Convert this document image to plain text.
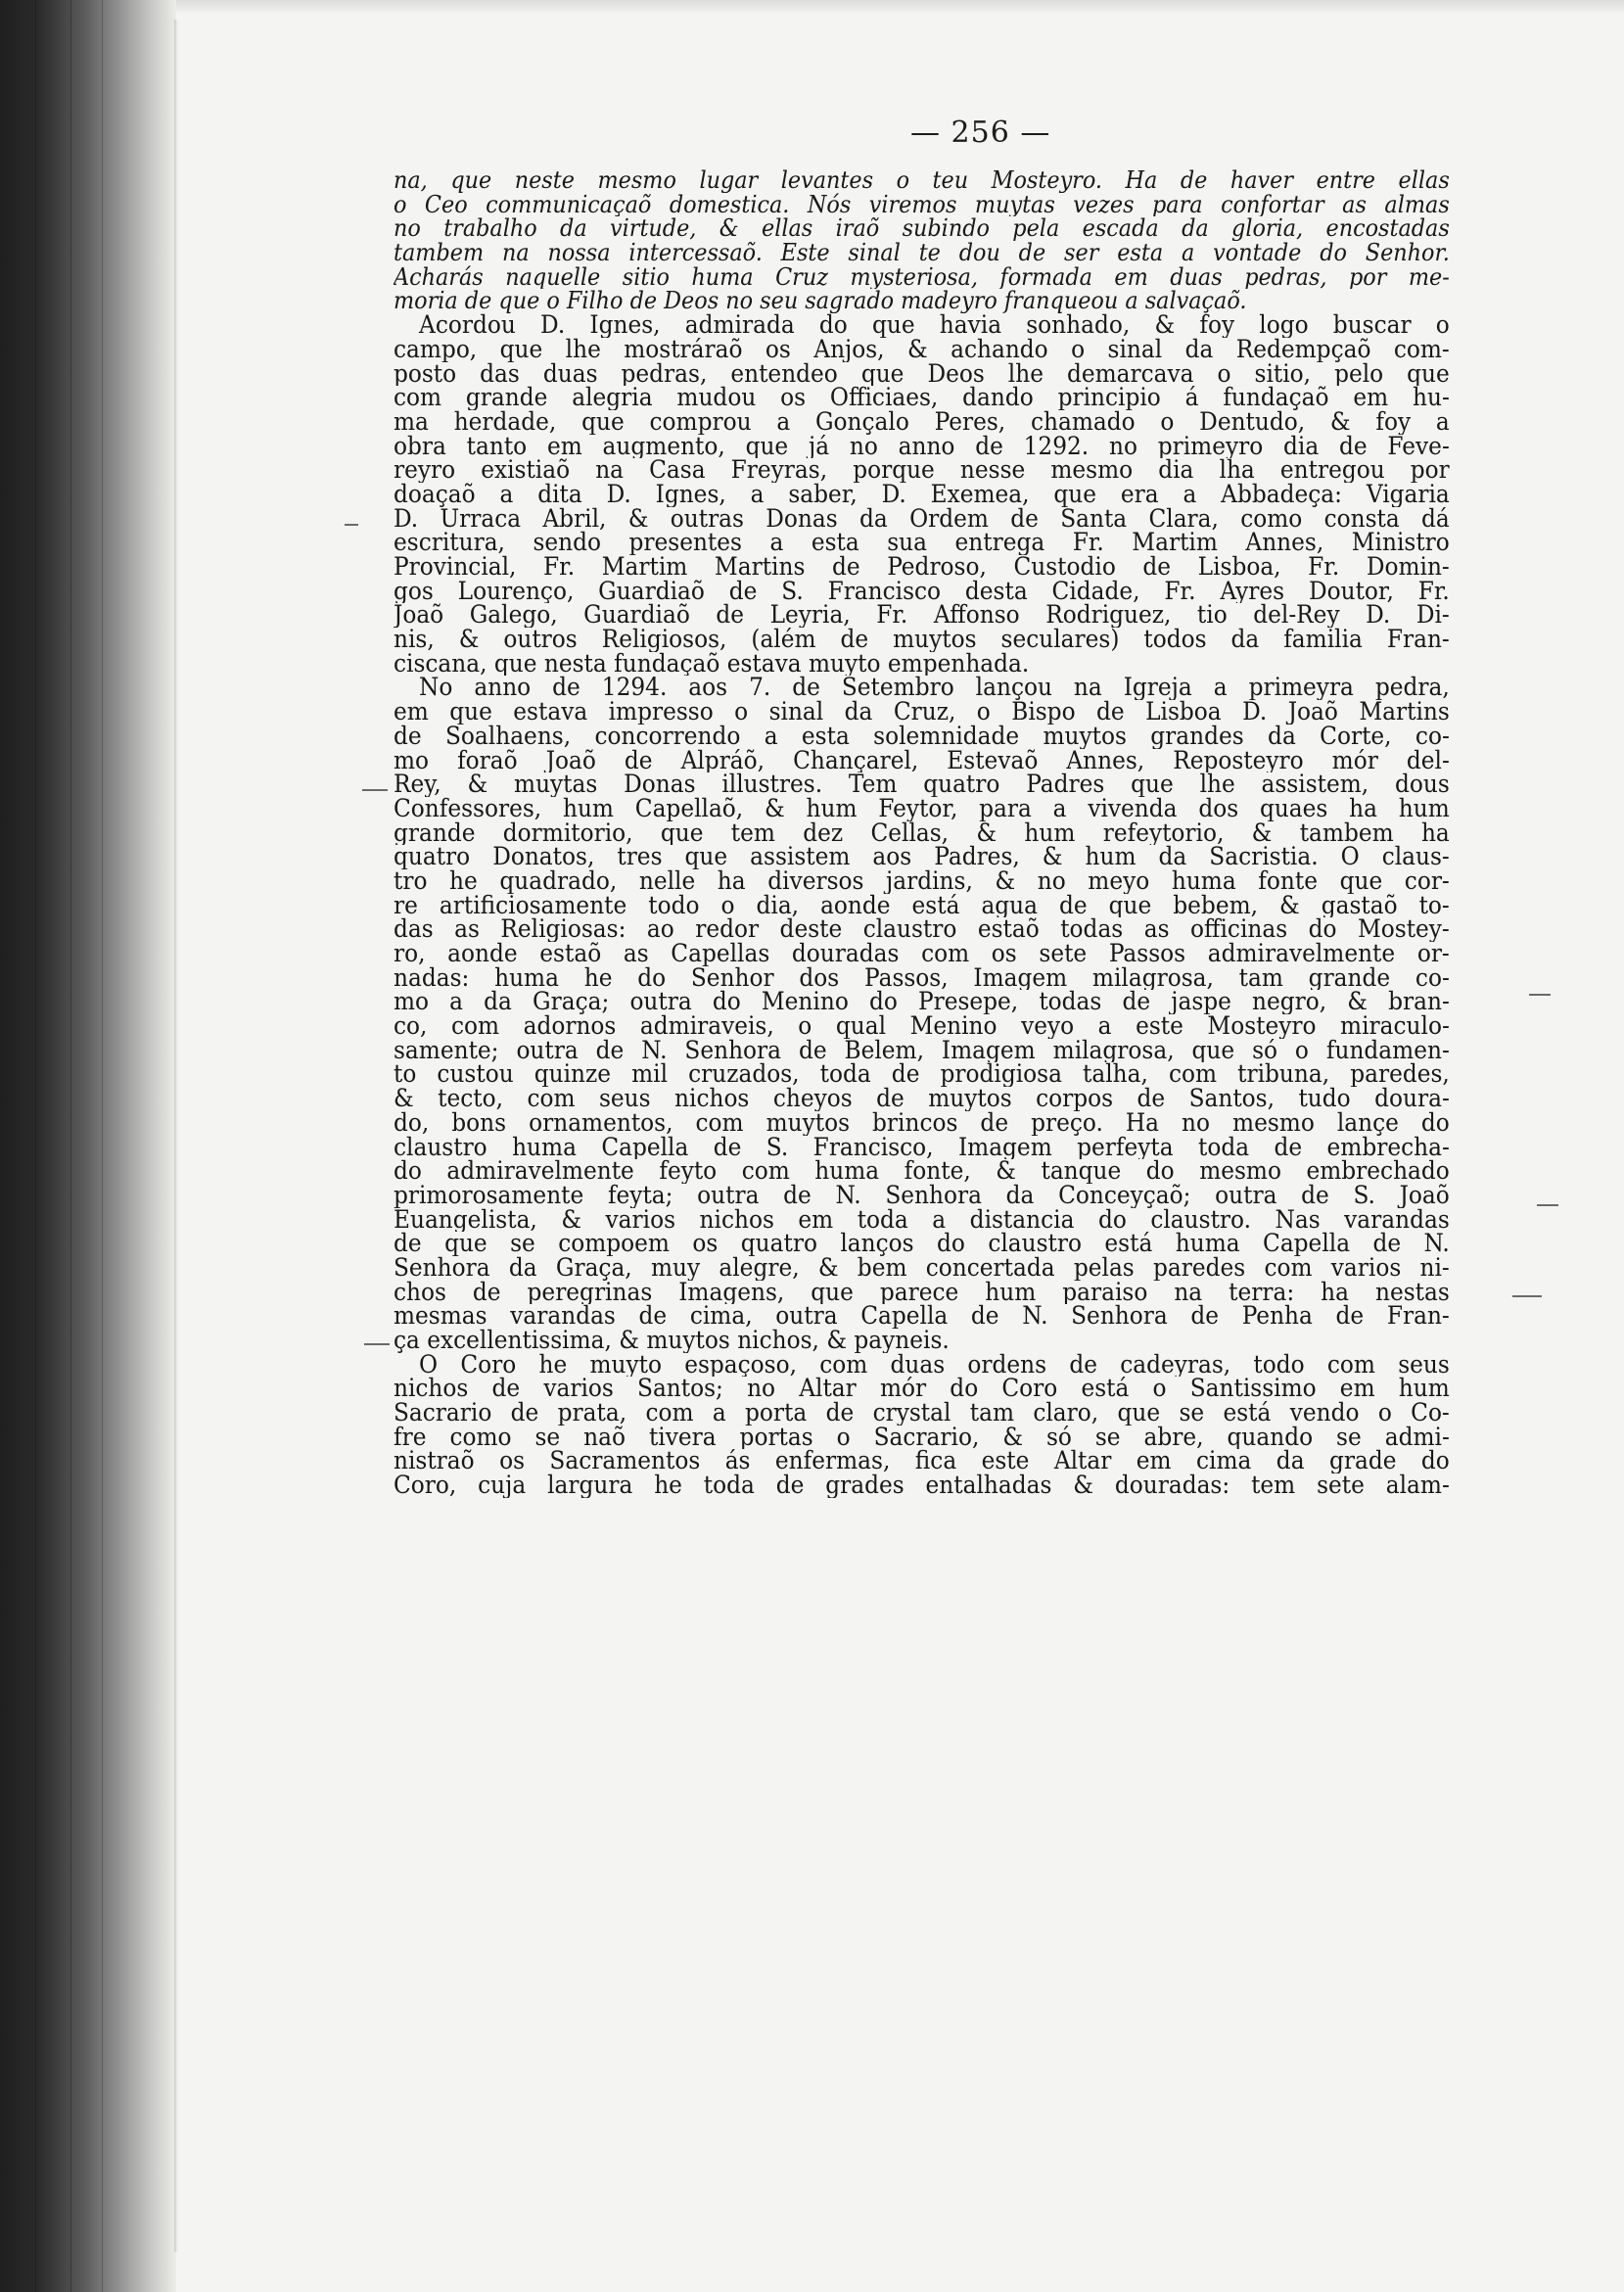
— 256 —
na, que neste mesmo lugar levantes o teu Mosteyro. Ha de haver entre ellas
o Ceo communicaçaõ domestica. Nós viremos muytas vezes para confortar as almas
no trabalho da virtude, & ellas iraõ subindo pela escada da gloria, encostadas
tambem na nossa intercessaõ. Este sinal te dou de ser esta a vontade do Senhor.
Acharás naquelle sitio huma Cruz mysteriosa, formada em duas pedras, por me-
moria de que o Filho de Deos no seu sagrado madeyro franqueou a salvaçaõ.
Acordou D. Ignes, admirada do que havia sonhado, & foy logo buscar o
campo, que lhe mostráraõ os Anjos, & achando o sinal da Redempçaõ com-
posto das duas pedras, entendeo que Deos lhe demarcava o sitio, pelo que
com grande alegria mudou os Officiaes, dando principio á fundaçaõ em hu-
ma herdade, que comprou a Gonçalo Peres, chamado o Dentudo, & foy a
obra tanto em augmento, que já no anno de 1292. no primeyro dia de Feve-
reyro existiaõ na Casa Freyras, porque nesse mesmo dia lha entregou por
doaçaõ a dita D. Ignes, a saber, D. Exemea, que era a Abbadeça: Vigaria
D. Urraca Abril, & outras Donas da Ordem de Santa Clara, como consta dá
escritura, sendo presentes a esta sua entrega Fr. Martim Annes, Ministro
Provincial, Fr. Martim Martins de Pedroso, Custodio de Lisboa, Fr. Domin-
gos Lourenço, Guardiaõ de S. Francisco desta Cidade, Fr. Ayres Doutor, Fr.
Joaõ Galego, Guardiaõ de Leyria, Fr. Affonso Rodriguez, tio del-Rey D. Di-
nis, & outros Religiosos, (além de muytos seculares) todos da familia Fran-
ciscana, que nesta fundaçaõ estava muyto empenhada.
No anno de 1294. aos 7. de Setembro lançou na Igreja a primeyra pedra,
em que estava impresso o sinal da Cruz, o Bispo de Lisboa D. Joaõ Martins
de Soalhaens, concorrendo a esta solemnidade muytos grandes da Corte, co-
mo foraõ Joaõ de Alpráõ, Chançarel, Estevaõ Annes, Reposteyro mór del-
Rey, & muytas Donas illustres. Tem quatro Padres que lhe assistem, dous
Confessores, hum Capellaõ, & hum Feytor, para a vivenda dos quaes ha hum
grande dormitorio, que tem dez Cellas, & hum refeytorio, & tambem ha
quatro Donatos, tres que assistem aos Padres, & hum da Sacristia. O claus-
tro he quadrado, nelle ha diversos jardins, & no meyo huma fonte que cor-
re artificiosamente todo o dia, aonde está agua de que bebem, & gastaõ to-
das as Religiosas: ao redor deste claustro estaõ todas as officinas do Mostey-
ro, aonde estaõ as Capellas douradas com os sete Passos admiravelmente or-
nadas: huma he do Senhor dos Passos, Imagem milagrosa, tam grande co-
mo a da Graça; outra do Menino do Presepe, todas de jaspe negro, & bran-
co, com adornos admiraveis, o qual Menino veyo a este Mosteyro miraculo-
samente; outra de N. Senhora de Belem, Imagem milagrosa, que só o fundamen-
to custou quinze mil cruzados, toda de prodigiosa talha, com tribuna, paredes,
& tecto, com seus nichos cheyos de muytos corpos de Santos, tudo doura-
do, bons ornamentos, com muytos brincos de preço. Ha no mesmo lançe do
claustro huma Capella de S. Francisco, Imagem perfeyta toda de embrecha-
do admiravelmente feyto com huma fonte, & tanque do mesmo embrechado
primorosamente feyta; outra de N. Senhora da Conceyçaõ; outra de S. Joaõ
Euangelista, & varios nichos em toda a distancia do claustro. Nas varandas
de que se compoem os quatro lanços do claustro está huma Capella de N.
Senhora da Graça, muy alegre, & bem concertada pelas paredes com varios ni-
chos de peregrinas Imagens, que parece hum paraiso na terra: ha nestas
mesmas varandas de cima, outra Capella de N. Senhora de Penha de Fran-
ça excellentissima, & muytos nichos, & payneis.
O Coro he muyto espaçoso, com duas ordens de cadeyras, todo com seus
nichos de varios Santos; no Altar mór do Coro está o Santissimo em hum
Sacrario de prata, com a porta de crystal tam claro, que se está vendo o Co-
fre como se naõ tivera portas o Sacrario, & só se abre, quando se admi-
nistraõ os Sacramentos ás enfermas, fica este Altar em cima da grade do
Coro, cuja largura he toda de grades entalhadas & douradas: tem sete alam-
